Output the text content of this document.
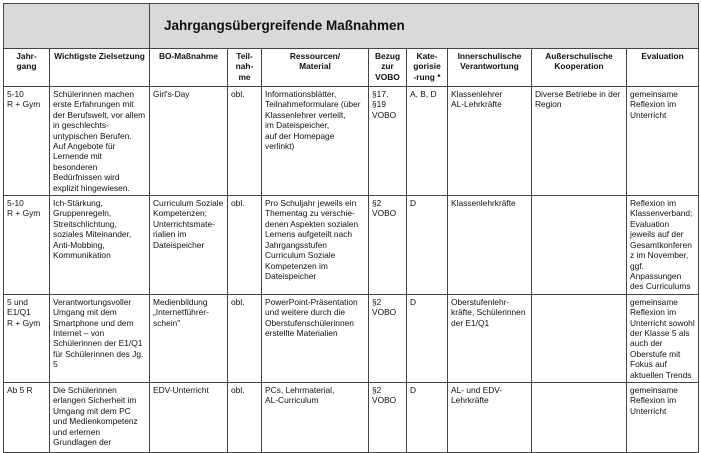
		Jahrgangsübergreifende Maßnahmen							

Jahr-
gang	Wichtigste Zielsetzung	BO-Maßnahme	Teil-
nah-
me	Ressourcen/
Material	Bezug
zur
VOBO	Kate-
gorisie
-rung *	Innerschulische
Verantwortung	Außerschulische
Kooperation	Evaluation

5-10
R + Gym	Schülerinnen machen erste Erfahrungen mit der Berufswelt, vor allem in geschlechts-untypischen Berufen. Auf Angebote für Lernende mit besonderen Bedürfnissen wird explizit hingewiesen.	Girl's-Day	obl.	Informationsblätter, Teilnahmeformulare (über Klassenlehrer verteilt,
im Dateispeicher,
auf der Homepage verlinkt)	§17,
§19
VOBO	A, B, D	Klassenlehrer
AL-Lehrkräfte	Diverse Betriebe in der Region	gemeinsame Reflexion im Unterricht

5-10
R + Gym	Ich-Stärkung, Gruppenregeln, Streitschlichtung, soziales Miteinander, Anti-Mobbing, Kommunikation	Curriculum Soziale Kompetenzen; Unterrichtsmate-rialien im Dateispeicher	obl.	Pro Schuljahr jeweils ein Thementag zu verschie-denen Aspekten sozialen Lernens aufgeteilt nach Jahrgangsstufen Curriculum Soziale Kompetenzen im Dateispeicher	§2
VOBO	D	Klassenlehrkräfte		Reflexion im Klassenverband; Evaluation jeweils auf der Gesamtkonferenz im November, ggf. Anpassungen des Curriculums

5 und
E1/Q1
R + Gym	Verantwortungsvoller Umgang mit dem Smartphone und dem Internet – von Schülerinnen der E1/Q1 für Schülerinnen des Jg. 5	Medienbildung „Internetführer-schein"	obl.	PowerPoint-Präsentation und weitere durch die Oberstufenschülerinnen erstellte Materialien	§2
VOBO	D	Oberstufenlehr-kräfte, Schülerinnen der E1/Q1		gemeinsame Reflexion im Unterricht sowohl der Klasse 5 als auch der Oberstufe mit Fokus auf aktuellen Trends

Ab 5 R	Die Schülerinnen erlangen Sicherheit im Umgang mit dem PC und Medienkompetenz und erlernen Grundlagen der	EDV-Unterricht	obl.	PCs, Lehrmaterial,
AL-Curriculum	§2
VOBO	D	AL- und EDV-Lehrkräfte		gemeinsame Reflexion im Unterricht
